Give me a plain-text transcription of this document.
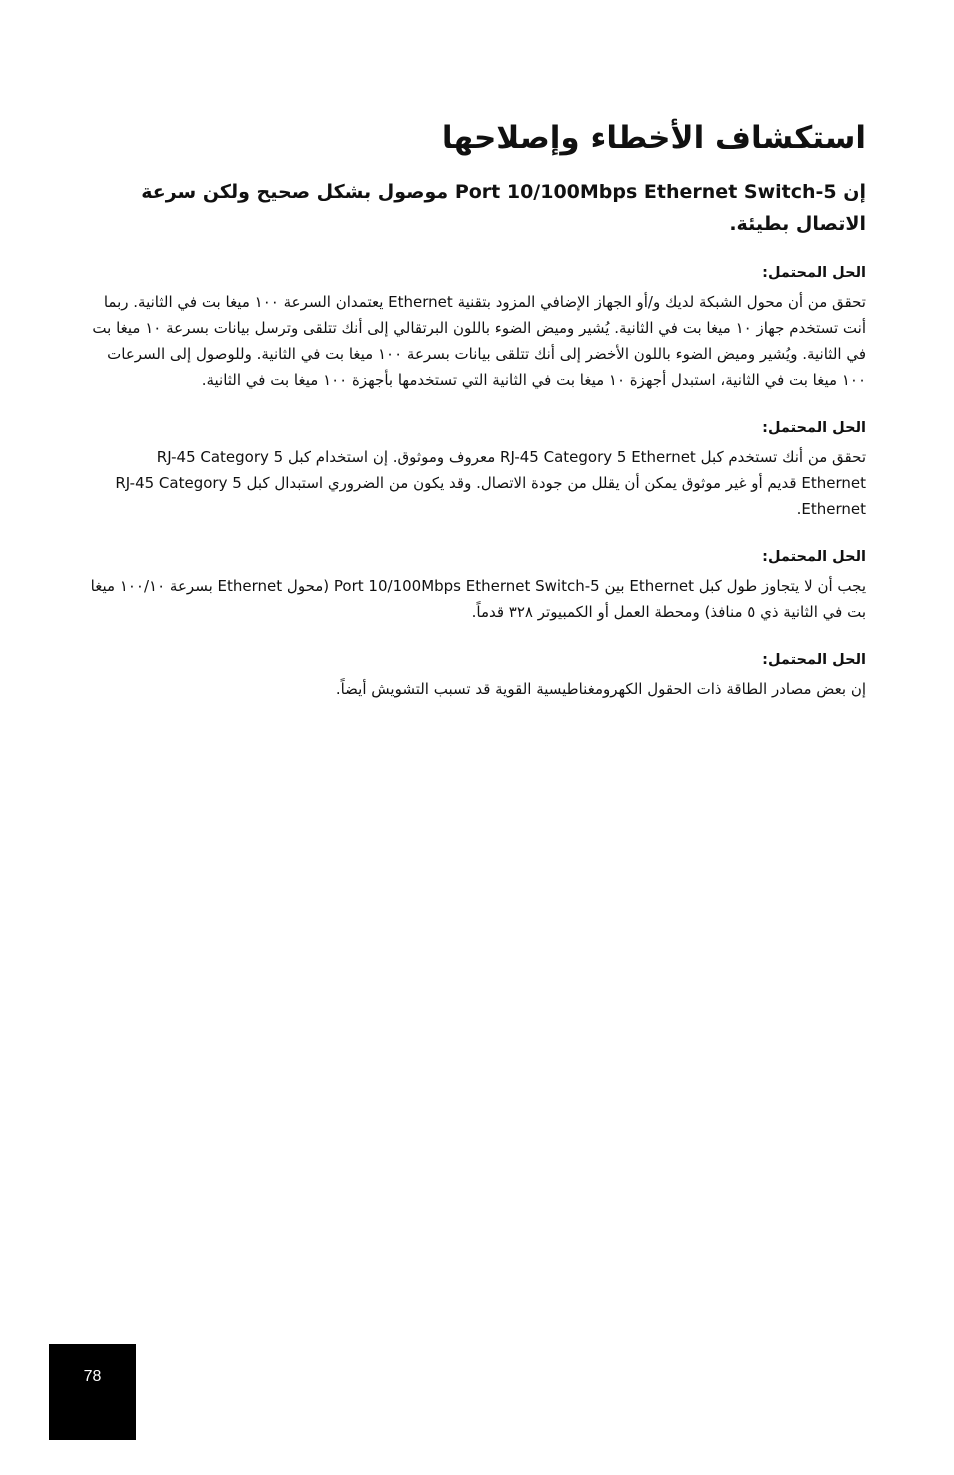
استكشاف الأخطاء وإصلاحها

إن 5-Port 10/100Mbps Ethernet Switch موصول بشكل صحيح ولكن سرعة الاتصال بطيئة.

الحل المحتمل:

تحقق من أن محول الشبكة لديك و/أو الجهاز الإضافي المزود بتقنية Ethernet يعتمدان السرعة ١٠٠ ميغا بت في الثانية. ربما أنت تستخدم جهاز ١٠ ميغا بت في الثانية. يُشير وميض الضوء باللون البرتقالي إلى أنك تتلقى وترسل بيانات بسرعة ١٠ ميغا بت في الثانية. ويُشير وميض الضوء باللون الأخضر إلى أنك تتلقى بيانات بسرعة ١٠٠ ميغا بت في الثانية. وللوصول إلى السرعات ١٠٠ ميغا بت في الثانية، استبدل أجهزة ١٠ ميغا بت في الثانية التي تستخدمها بأجهزة ١٠٠ ميغا بت في الثانية.

الحل المحتمل:

تحقق من أنك تستخدم كبل RJ-45 Category 5 Ethernet معروف وموثوق. إن استخدام كبل RJ-45 Category 5 Ethernet قديم أو غير موثوق يمكن أن يقلل من جودة الاتصال. وقد يكون من الضروري استبدال كبل RJ-45 Category 5 Ethernet.

الحل المحتمل:

يجب أن لا يتجاوز طول كبل Ethernet بين 5-Port 10/100Mbps Ethernet Switch (محول Ethernet بسرعة ١٠٠/١٠ ميغا بت في الثانية ذي ٥ منافذ) ومحطة العمل أو الكمبيوتر ٣٢٨ قدماً.

الحل المحتمل:

إن بعض مصادر الطاقة ذات الحقول الكهرومغناطيسية القوية قد تسبب التشويش أيضاً.

78
